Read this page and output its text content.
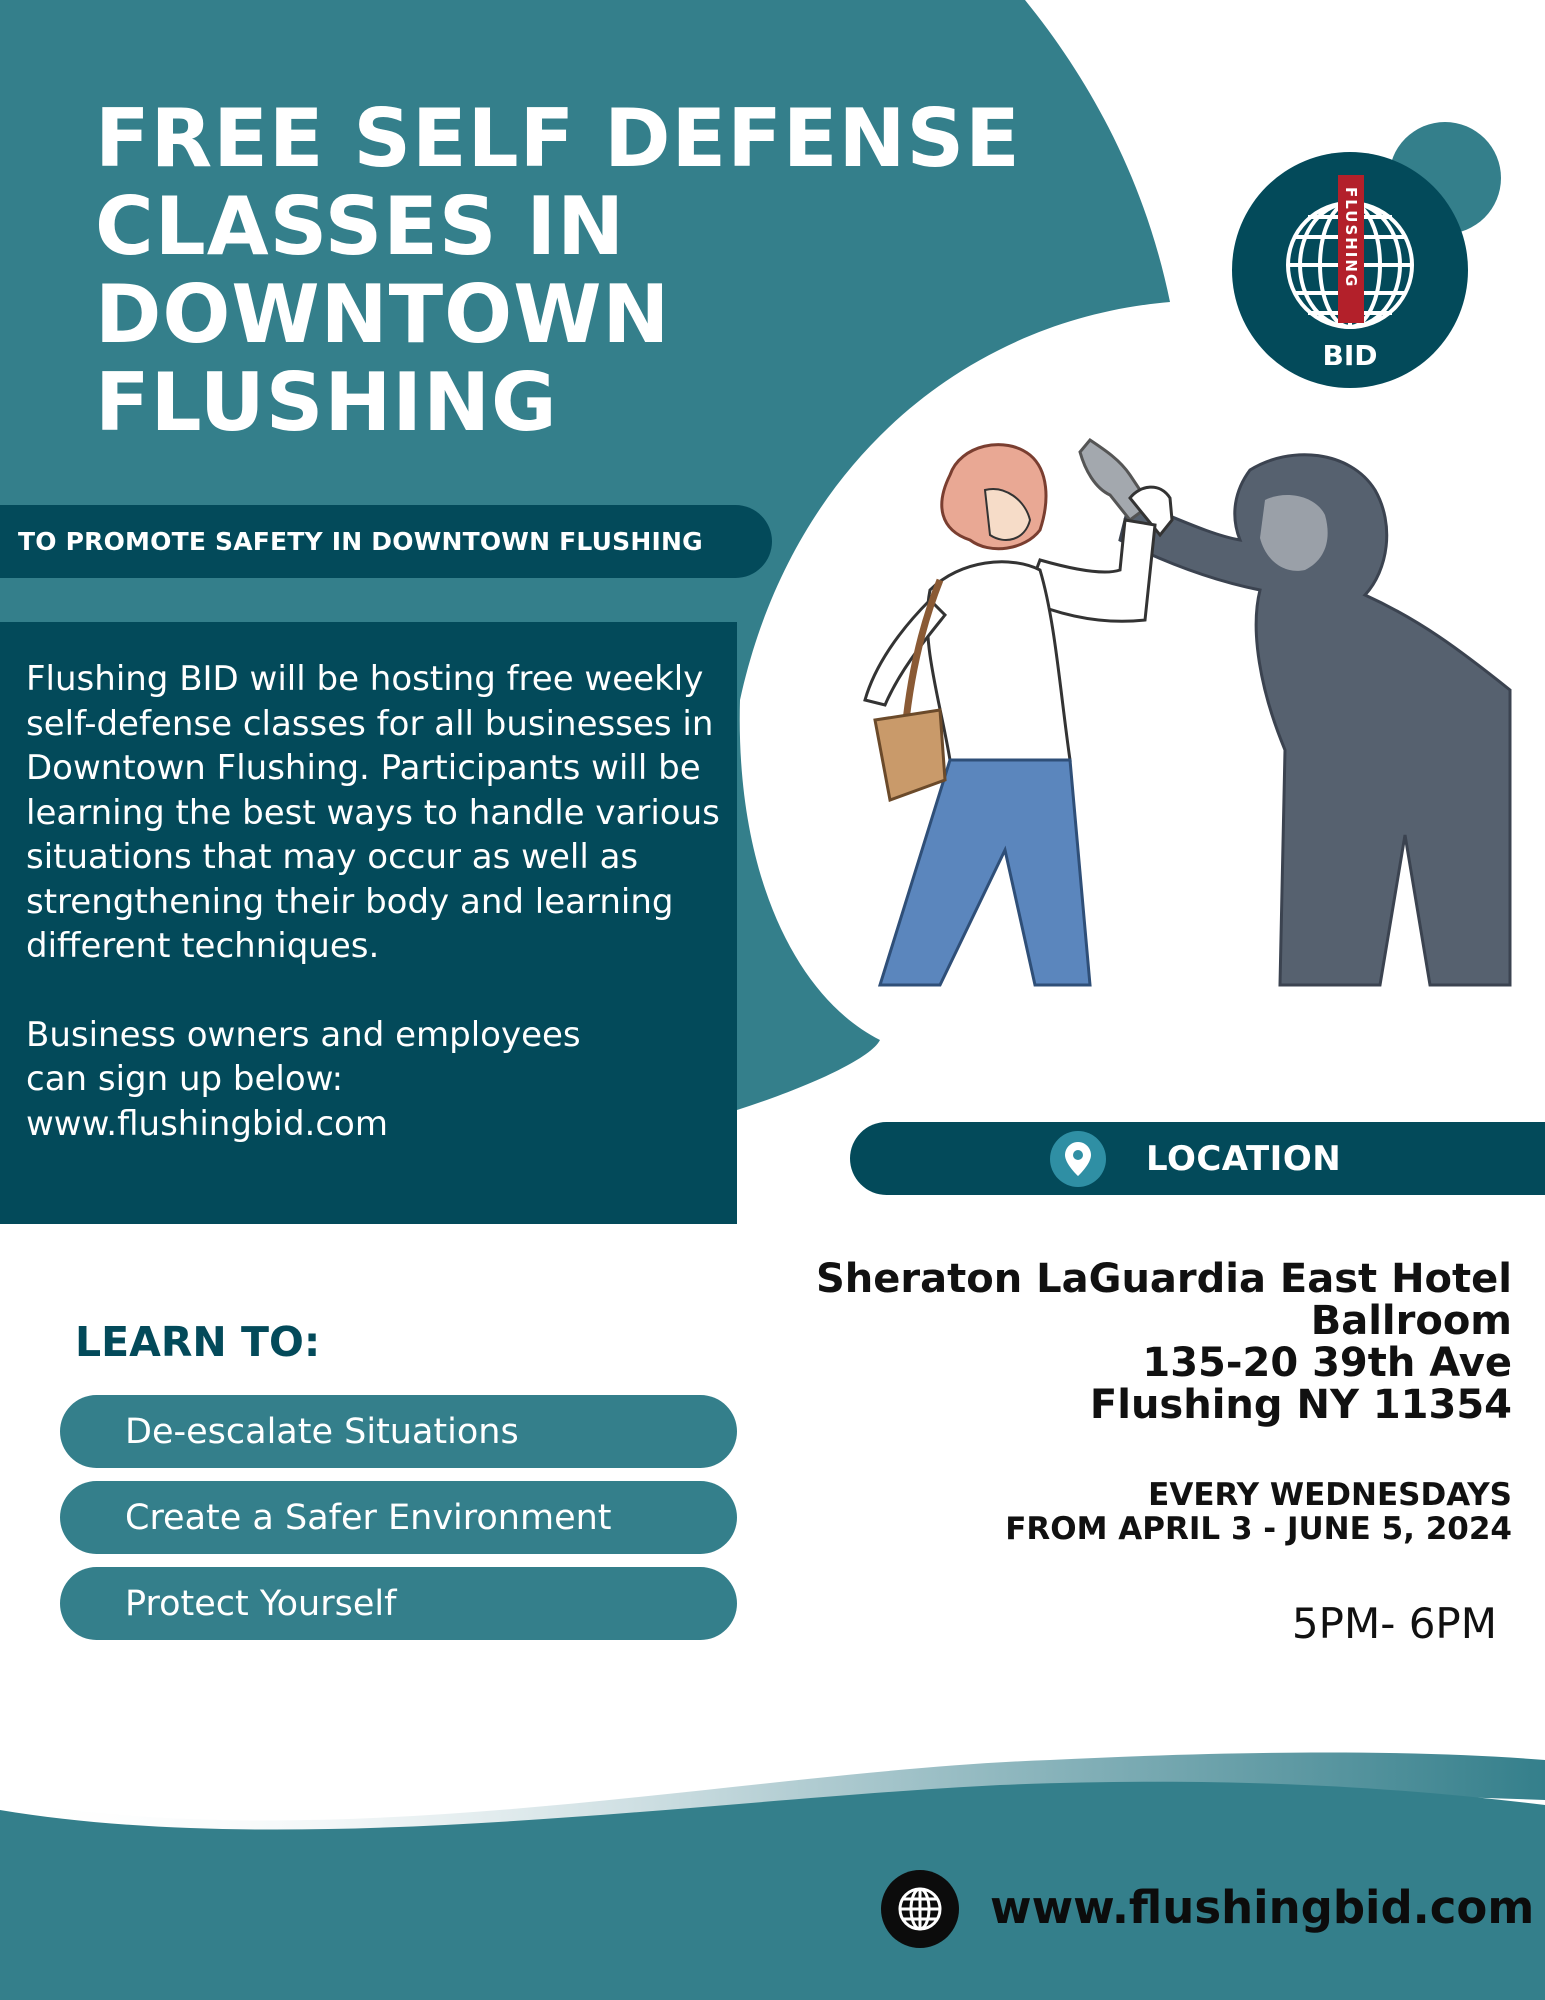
FREE SELF DEFENSE
CLASSES IN
DOWNTOWN
FLUSHING
FLUSHING
BID
TO PROMOTE SAFETY IN DOWNTOWN FLUSHING

Flushing BID will be hosting free weekly self-defense classes for all businesses in Downtown Flushing. Participants will be learning the best ways to handle various situations that may occur as well as strengthening their body and learning different techniques.

Business owners and employees
can sign up below:
www.flushingbid.com

LOCATION
Sheraton LaGuardia East Hotel
Ballroom
135-20 39th Ave
Flushing NY 11354
EVERY WEDNESDAYS
FROM APRIL 3 - JUNE 5, 2024
5PM- 6PM
LEARN TO:
De-escalate Situations
Create a Safer Environment
Protect Yourself
www.flushingbid.com
